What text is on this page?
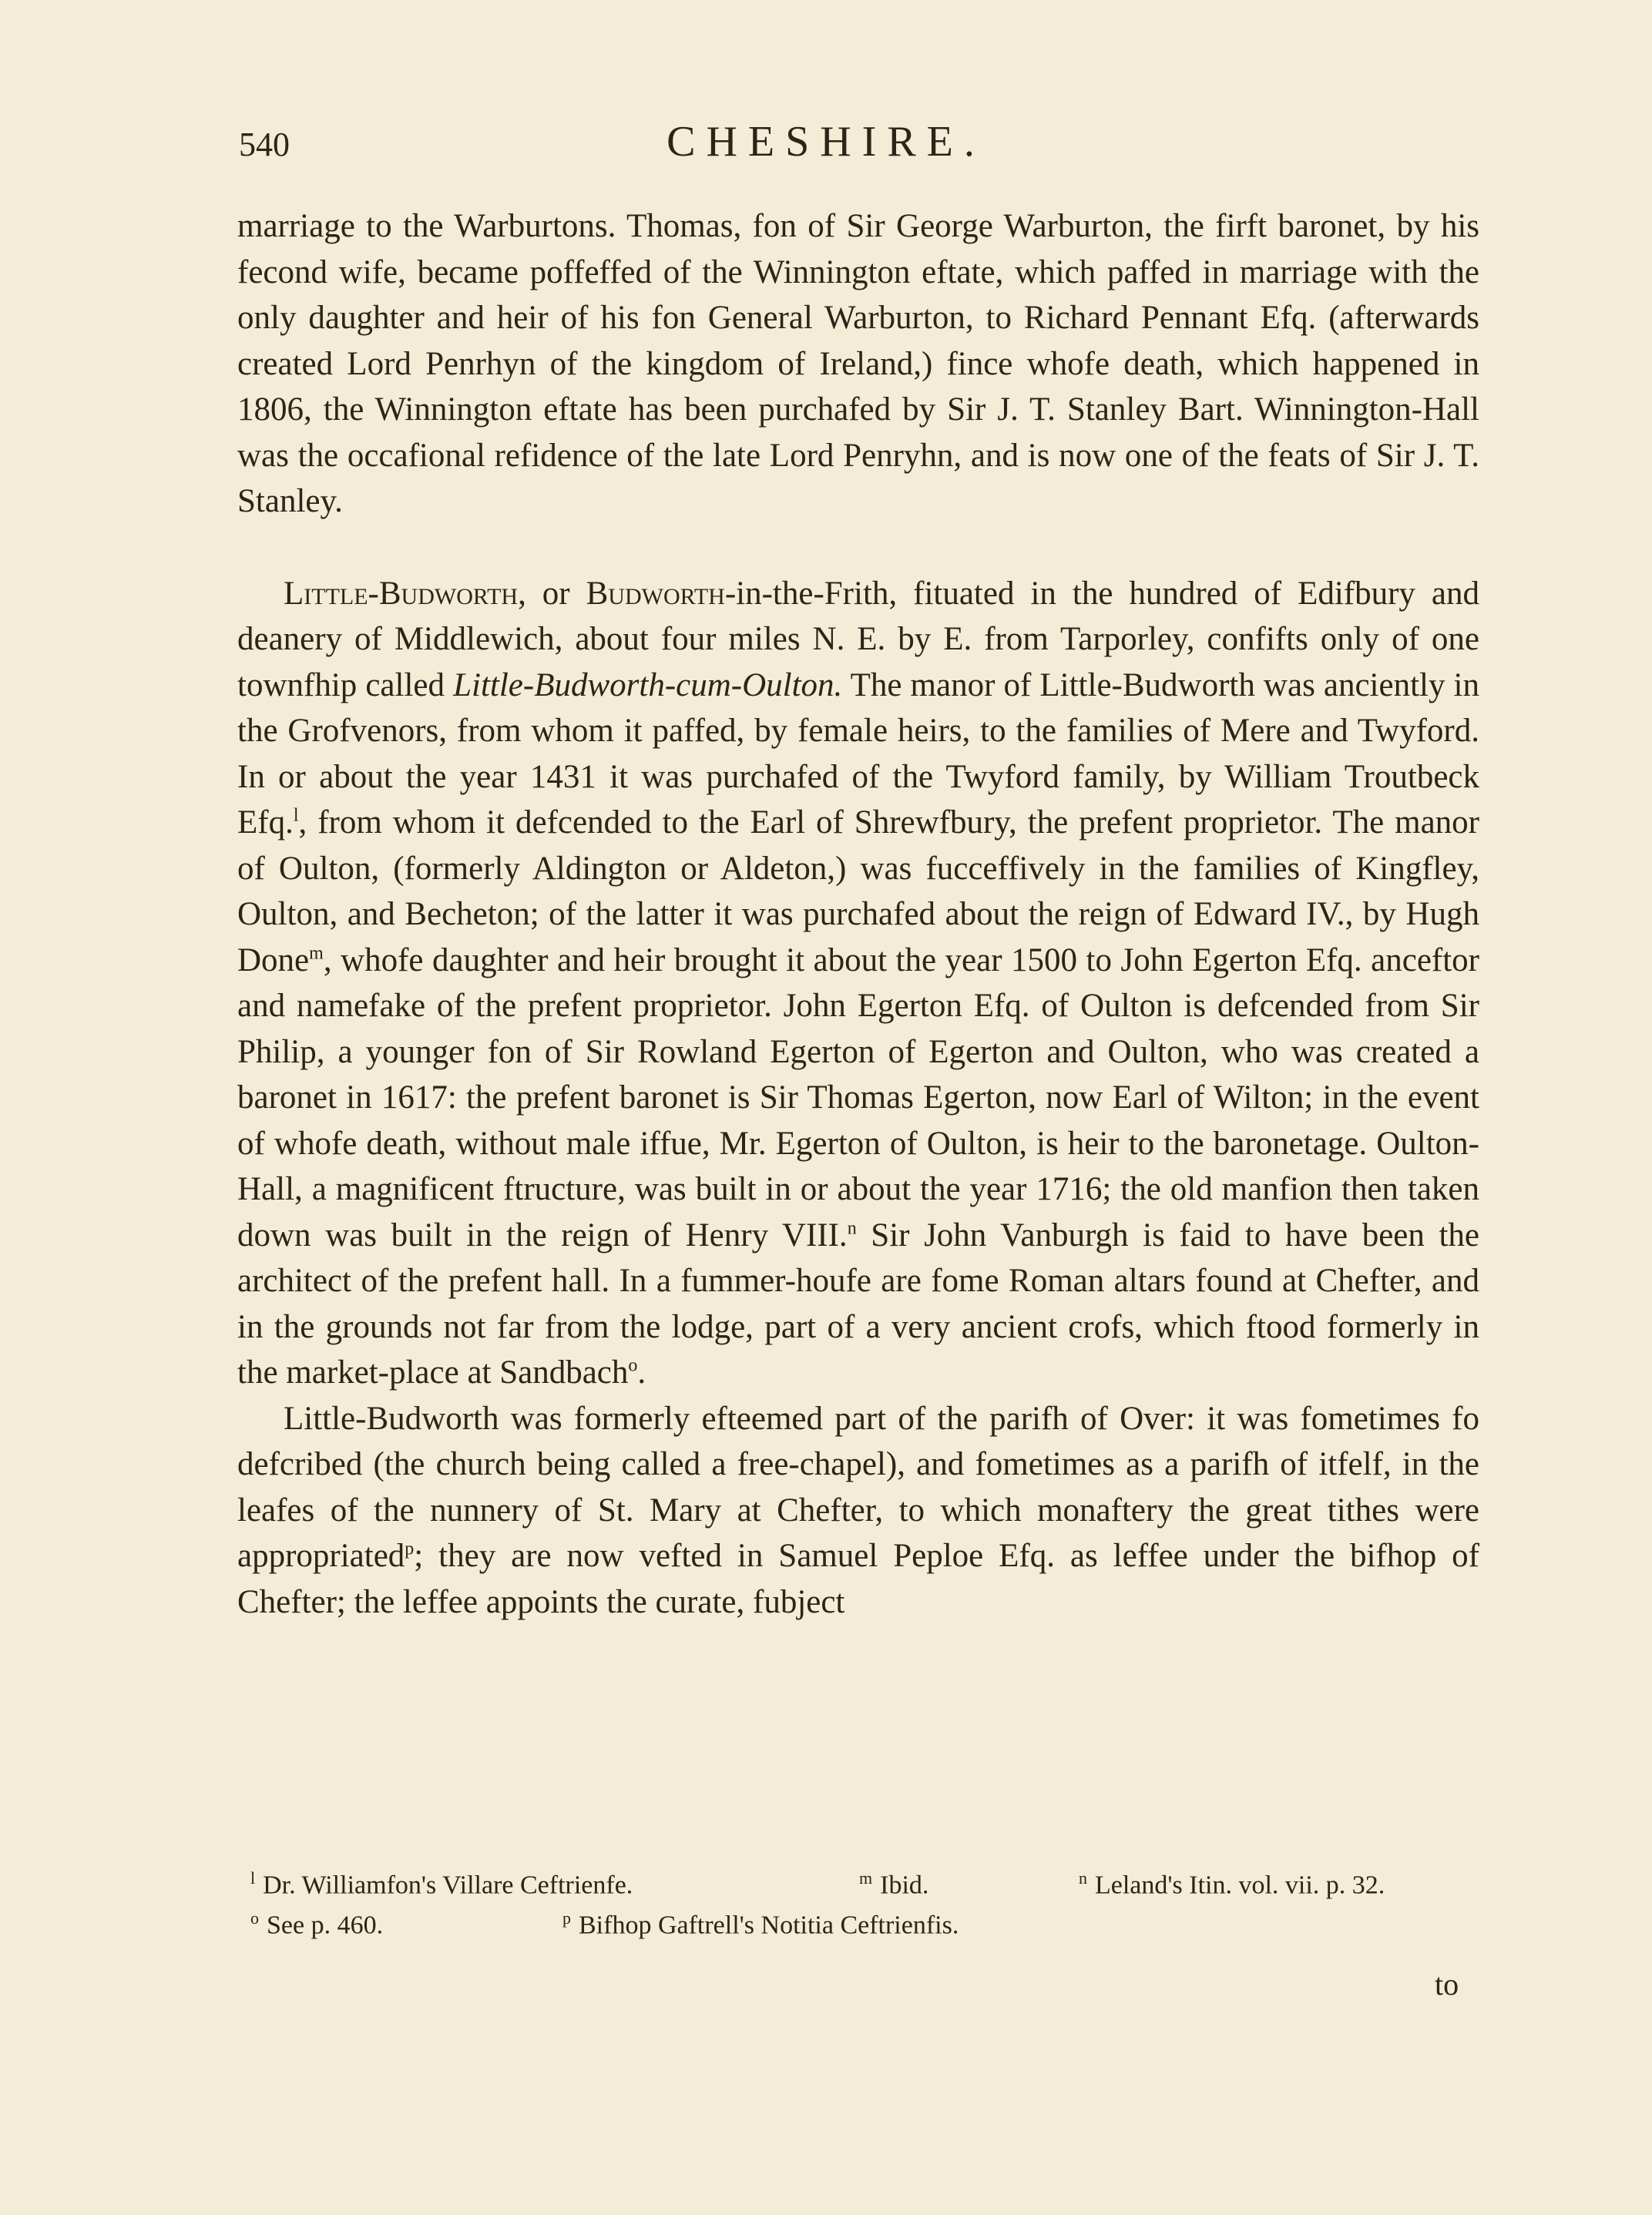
540	CHESHIRE.

marriage to the Warburtons. Thomas, fon of Sir George Warburton, the firft baronet, by his fecond wife, became poffeffed of the Winnington eftate, which paffed in marriage with the only daughter and heir of his fon General Warburton, to Richard Pennant Efq. (afterwards created Lord Penrhyn of the kingdom of Ireland,) fince whofe death, which happened in 1806, the Winnington eftate has been purchafed by Sir J. T. Stanley Bart. Winnington-Hall was the occafional refidence of the late Lord Penryhn, and is now one of the feats of Sir J. T. Stanley.

Little-Budworth, or Budworth-in-the-Frith, fituated in the hundred of Edifbury and deanery of Middlewich, about four miles N. E. by E. from Tarporley, confifts only of one townfhip called Little-Budworth-cum-Oulton. The manor of Little-Budworth was anciently in the Grofvenors, from whom it paffed, by female heirs, to the families of Mere and Twyford. In or about the year 1431 it was purchafed of the Twyford family, by William Troutbeck Efq.$^l$, from whom it defcended to the Earl of Shrewfbury, the prefent proprietor. The manor of Oulton, (formerly Aldington or Aldeton,) was fucceffively in the families of Kingfley, Oulton, and Becheton; of the latter it was purchafed about the reign of Edward IV., by Hugh Done$^m$, whofe daughter and heir brought it about the year 1500 to John Egerton Efq. anceftor and namefake of the prefent proprietor. John Egerton Efq. of Oulton is defcended from Sir Philip, a younger fon of Sir Rowland Egerton of Egerton and Oulton, who was created a baronet in 1617: the prefent baronet is Sir Thomas Egerton, now Earl of Wilton; in the event of whofe death, without male iffue, Mr. Egerton of Oulton, is heir to the baronetage. Oulton-Hall, a magnificent ftructure, was built in or about the year 1716; the old manfion then taken down was built in the reign of Henry VIII.$^n$ Sir John Vanburgh is faid to have been the architect of the prefent hall. In a fummer-houfe are fome Roman altars found at Chefter, and in the grounds not far from the lodge, part of a very ancient crofs, which ftood formerly in the market-place at Sandbach$^o$.

Little-Budworth was formerly efteemed part of the parifh of Over: it was fometimes fo defcribed (the church being called a free-chapel), and fometimes as a parifh of itfelf, in the leafes of the nunnery of St. Mary at Chefter, to which monaftery the great tithes were appropriated$^p$; they are now vefted in Samuel Peploe Efq. as leffee under the bifhop of Chefter; the leffee appoints the curate, fubject

$^l$ Dr. Williamfon's Villare Ceftrienfe.	$^m$ Ibid.	$^n$ Leland's Itin. vol. vii. p. 32.
$^o$ See p. 460.	$^p$ Bifhop Gaftrell's Notitia Ceftrienfis.
to
